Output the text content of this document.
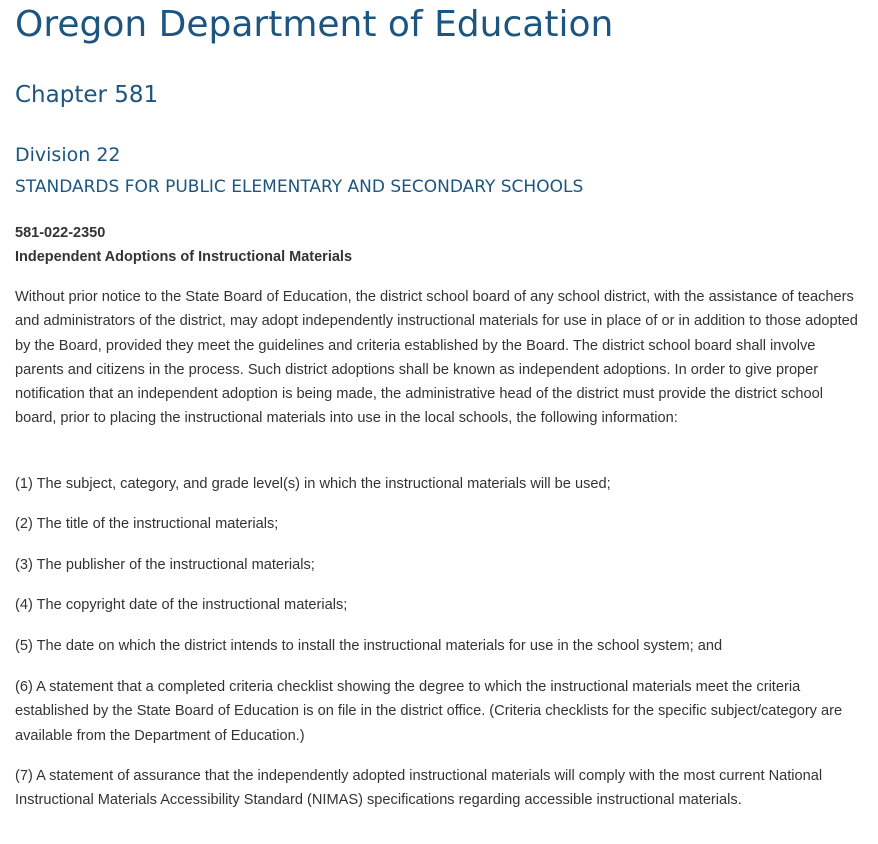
Oregon Department of Education
Chapter 581
Division 22
STANDARDS FOR PUBLIC ELEMENTARY AND SECONDARY SCHOOLS
581-022-2350
Independent Adoptions of Instructional Materials

Without prior notice to the State Board of Education, the district school board of any school district, with the assistance of teachers and administrators of the district, may adopt independently instructional materials for use in place of or in addition to those adopted by the Board, provided they meet the guidelines and criteria established by the Board. The district school board shall involve parents and citizens in the process. Such district adoptions shall be known as independent adoptions. In order to give proper notification that an independent adoption is being made, the administrative head of the district must provide the district school board, prior to placing the instructional materials into use in the local schools, the following information:

(1) The subject, category, and grade level(s) in which the instructional materials will be used;

(2) The title of the instructional materials;

(3) The publisher of the instructional materials;

(4) The copyright date of the instructional materials;

(5) The date on which the district intends to install the instructional materials for use in the school system; and

(6) A statement that a completed criteria checklist showing the degree to which the instructional materials meet the criteria established by the State Board of Education is on file in the district office. (Criteria checklists for the specific subject/category are available from the Department of Education.)

(7) A statement of assurance that the independently adopted instructional materials will comply with the most current National Instructional Materials Accessibility Standard (NIMAS) specifications regarding accessible instructional materials.
